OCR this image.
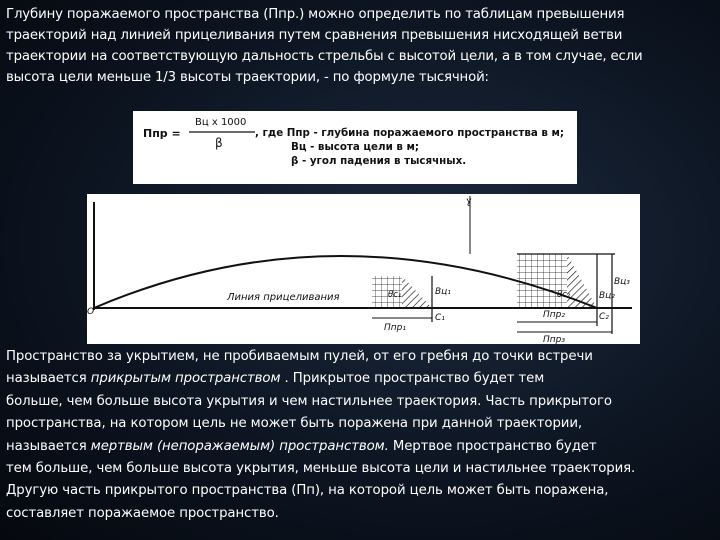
Глубину поражаемого пространства (Ппр.) можно определить по таблицам превышения

траекторий над линией прицеливания путем сравнения превышения нисходящей ветви

траектории на соответствующую дальность стрельбы с высотой цели, а в том случае, если

высота цели меньше 1/3 высоты траектории, - по формуле тысячной:

Ппр =
Вц x 1000
β
, где Ппр - глубина поражаемого пространства в м;
Вц - высота цели в м;
β - угол падения в тысячных.
О
Линия прицеливания
ɣ
θс₁	θс₂
Вц₁	Вц₂
Вц₃
С₁	С₂
Ппр₁
Ппр₂
Ппр₃

Пространство за укрытием, не пробиваемым пулей, от его гребня до точки встречи

называется прикрытым пространством . Прикрытое пространство будет тем

больше, чем больше высота укрытия и чем настильнее траектория. Часть прикрытого

пространства, на котором цель не может быть поражена при данной траектории,

называется мертвым (непоражаемым) пространством. Мертвое пространство будет

тем больше, чем больше высота укрытия, меньше высота цели и настильнее траектория.

Другую часть прикрытого пространства (Пп), на которой цель может быть поражена,

составляет поражаемое пространство.
